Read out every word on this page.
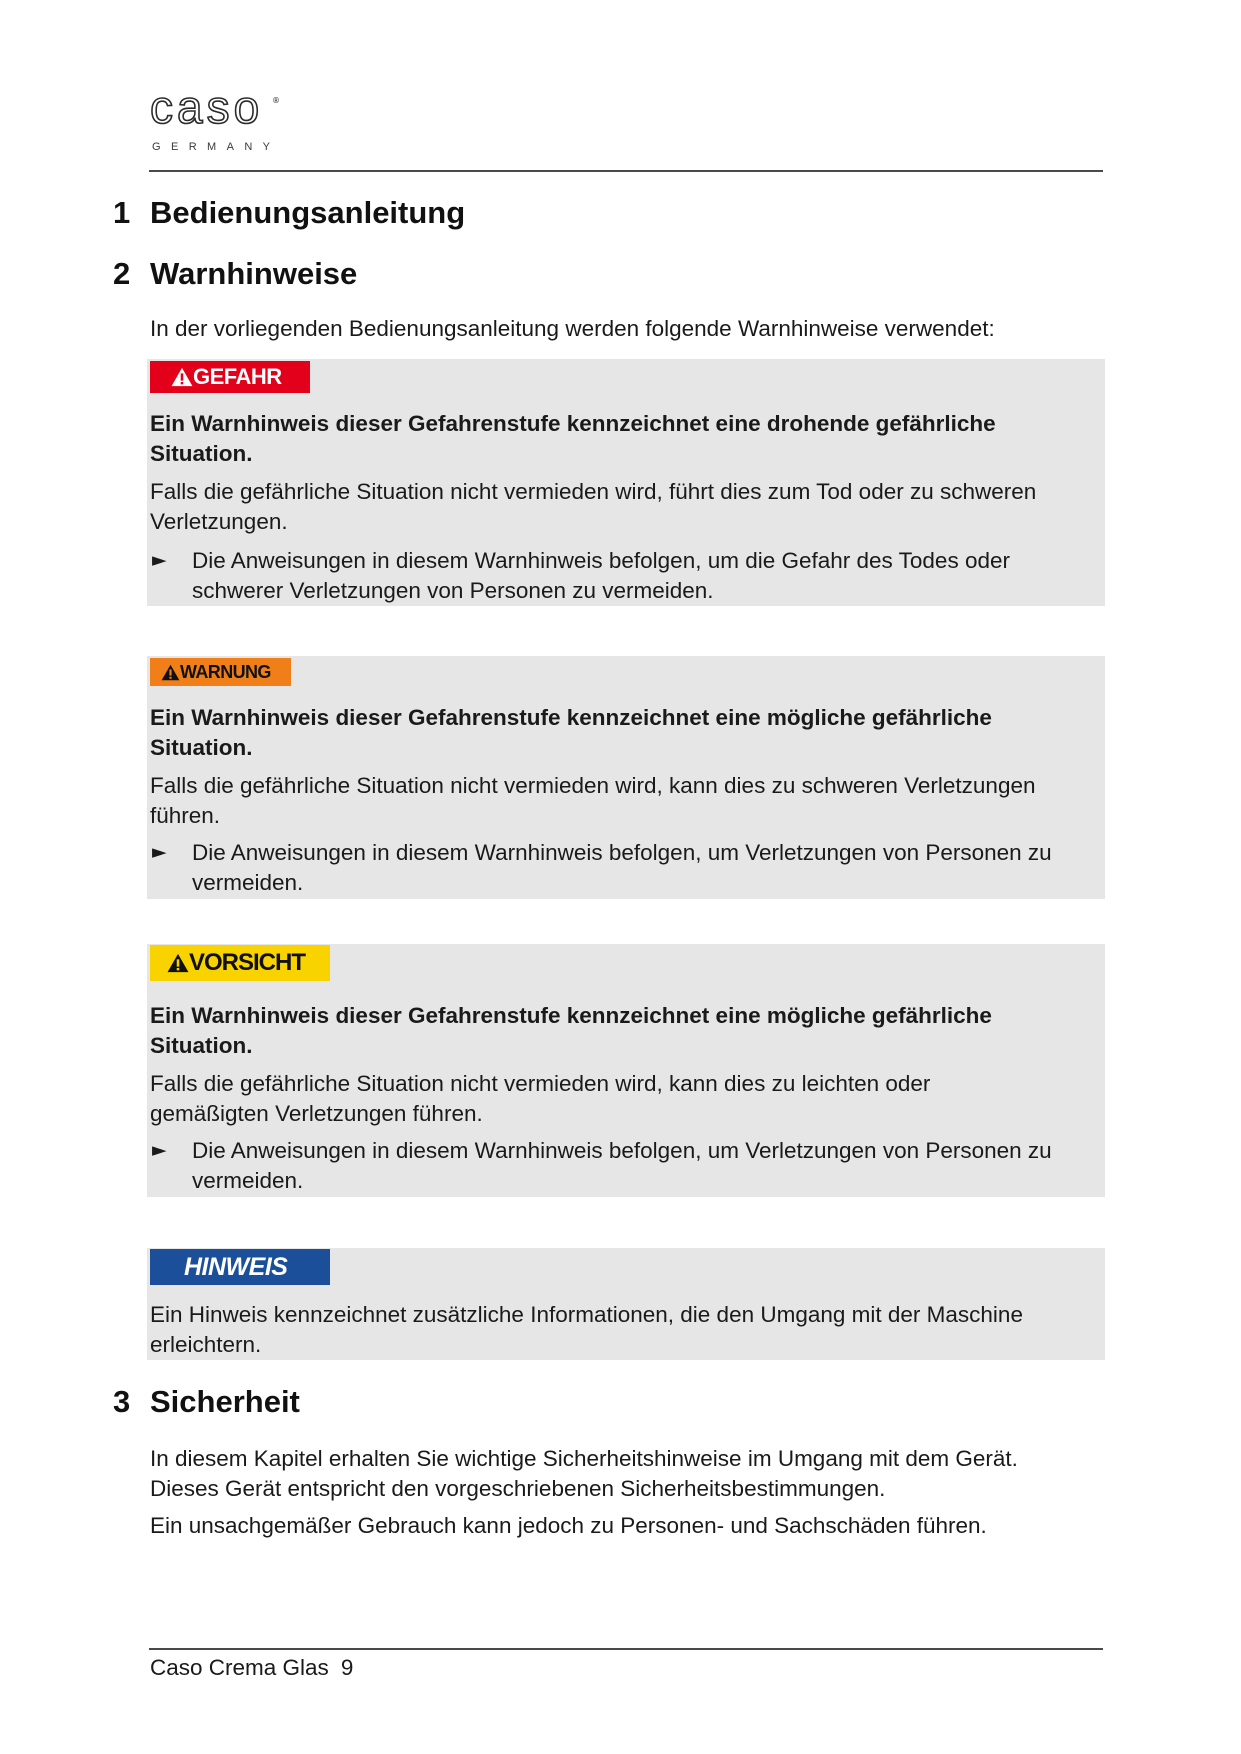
caso ®
GERMANY
1 Bedienungsanleitung
2 Warnhinweise
In der vorliegenden Bedienungsanleitung werden folgende Warnhinweise verwendet:
GEFAHR
Ein Warnhinweis dieser Gefahrenstufe kennzeichnet eine drohende gefährliche
Situation.
Falls die gefährliche Situation nicht vermieden wird, führt dies zum Tod oder zu schweren
Verletzungen.
► Die Anweisungen in diesem Warnhinweis befolgen, um die Gefahr des Todes oder
schwerer Verletzungen von Personen zu vermeiden.
WARNUNG
Ein Warnhinweis dieser Gefahrenstufe kennzeichnet eine mögliche gefährliche
Situation.
Falls die gefährliche Situation nicht vermieden wird, kann dies zu schweren Verletzungen
führen.
► Die Anweisungen in diesem Warnhinweis befolgen, um Verletzungen von Personen zu
vermeiden.
VORSICHT
Ein Warnhinweis dieser Gefahrenstufe kennzeichnet eine mögliche gefährliche
Situation.
Falls die gefährliche Situation nicht vermieden wird, kann dies zu leichten oder
gemäßigten Verletzungen führen.
► Die Anweisungen in diesem Warnhinweis befolgen, um Verletzungen von Personen zu
vermeiden.
HINWEIS
Ein Hinweis kennzeichnet zusätzliche Informationen, die den Umgang mit der Maschine
erleichtern.
3 Sicherheit
In diesem Kapitel erhalten Sie wichtige Sicherheitshinweise im Umgang mit dem Gerät.
Dieses Gerät entspricht den vorgeschriebenen Sicherheitsbestimmungen.
Ein unsachgemäßer Gebrauch kann jedoch zu Personen- und Sachschäden führen.
Caso Crema Glas 9
